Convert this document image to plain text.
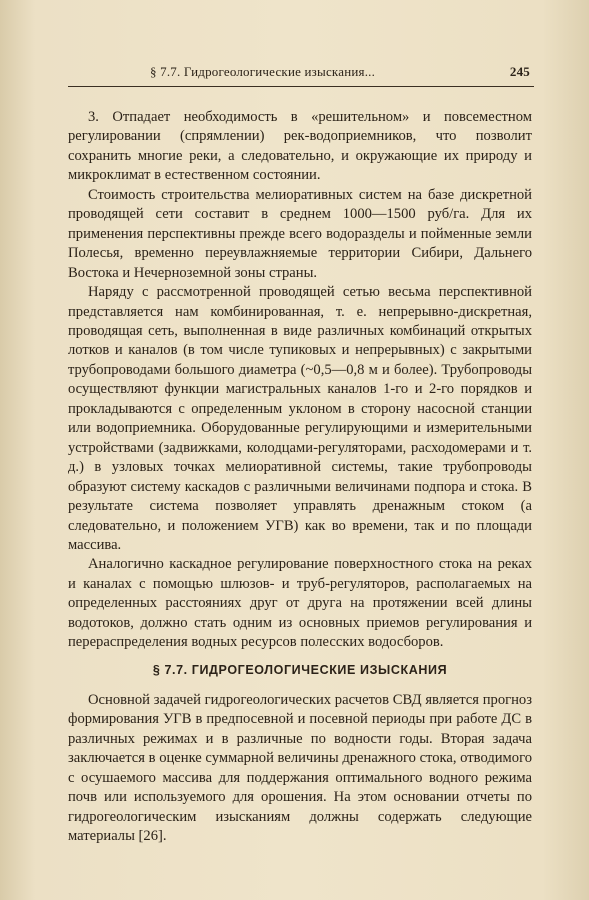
§ 7.7. Гидрогеологические изыскания...	245

3. Отпадает необходимость в «решительном» и повсеместном регулировании (спрямлении) рек-водоприемников, что позволит сохранить многие реки, а следовательно, и окружающие их природу и микроклимат в естественном состоянии.

Стоимость строительства мелиоративных систем на базе дискретной проводящей сети составит в среднем 1000—1500 руб/га. Для их применения перспективны прежде всего водоразделы и пойменные земли Полесья, временно переувлажняемые территории Сибири, Дальнего Востока и Нечерноземной зоны страны.

Наряду с рассмотренной проводящей сетью весьма перспективной представляется нам комбинированная, т. е. непрерывно-дискретная, проводящая сеть, выполненная в виде различных комбинаций открытых лотков и каналов (в том числе тупиковых и непрерывных) с закрытыми трубопроводами большого диаметра (~0,5—0,8 м и более). Трубопроводы осуществляют функции магистральных каналов 1-го и 2-го порядков и прокладываются с определенным уклоном в сторону насосной станции или водоприемника. Оборудованные регулирующими и измерительными устройствами (задвижками, колодцами-регуляторами, расходомерами и т. д.) в узловых точках мелиоративной системы, такие трубопроводы образуют систему каскадов с различными величинами подпора и стока. В результате система позволяет управлять дренажным стоком (а следовательно, и положением УГВ) как во времени, так и по площади массива.

Аналогично каскадное регулирование поверхностного стока на реках и каналах с помощью шлюзов- и труб-регуляторов, располагаемых на определенных расстояниях друг от друга на протяжении всей длины водотоков, должно стать одним из основных приемов регулирования и перераспределения водных ресурсов полесских водосборов.

§ 7.7. ГИДРОГЕОЛОГИЧЕСКИЕ ИЗЫСКАНИЯ

Основной задачей гидрогеологических расчетов СВД является прогноз формирования УГВ в предпосевной и посевной периоды при работе ДС в различных режимах и в различные по водности годы. Вторая задача заключается в оценке суммарной величины дренажного стока, отводимого с осушаемого массива для поддержания оптимального водного режима почв или используемого для орошения. На этом основании отчеты по гидрогеологическим изысканиям должны содержать следующие материалы [26].
